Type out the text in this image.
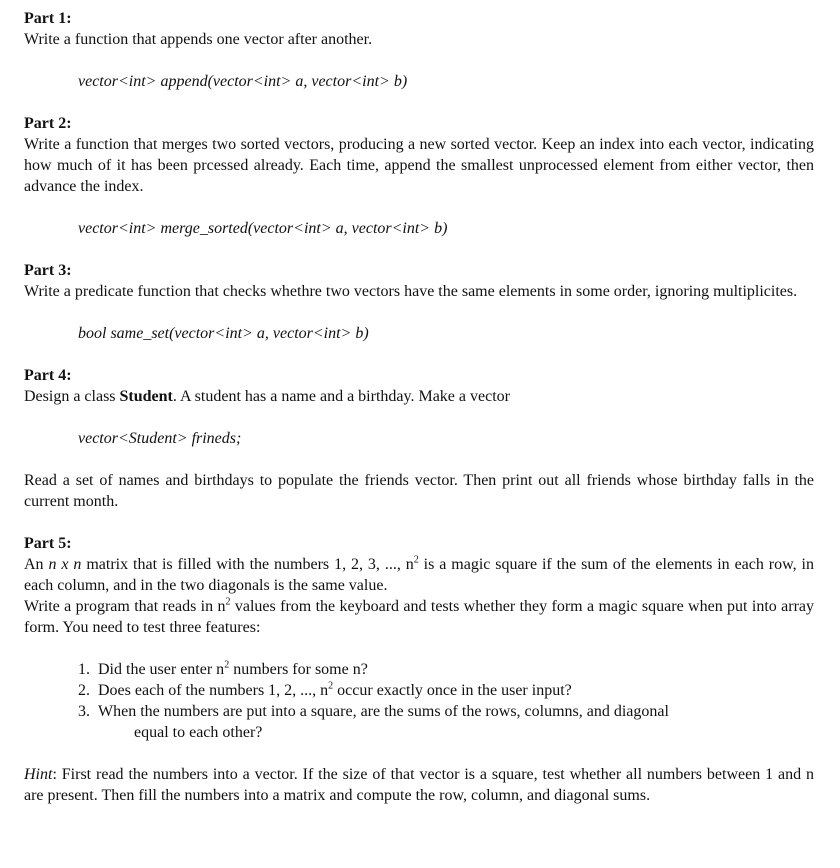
Part 1:

Write a function that appends one vector after another.

vector<int> append(vector<int> a, vector<int> b)

Part 2:

Write a function that merges two sorted vectors, producing a new sorted vector. Keep an index into each vector, indicating how much of it has been prcessed already. Each time, append the smallest unprocessed element from either vector, then advance the index.

vector<int> merge_sorted(vector<int> a, vector<int> b)

Part 3:

Write a predicate function that checks whethre two vectors have the same elements in some order, ignoring multiplicites.

bool same_set(vector<int> a, vector<int> b)

Part 4:

Design a class Student. A student has a name and a birthday. Make a vector

vector<Student> frineds;

Read a set of names and birthdays to populate the friends vector. Then print out all friends whose birthday falls in the current month.

Part 5:

An n x n matrix that is filled with the numbers 1, 2, 3, ..., $n^2$ is a magic square if the sum of the elements in each row, in each column, and in the two diagonals is the same value.

Write a program that reads in $n^2$ values from the keyboard and tests whether they form a magic square when put into array form. You need to test three features:

1. Did the user enter $n^2$ numbers for some n?
2. Does each of the numbers 1, 2, ..., $n^2$ occur exactly once in the user input?
3. When the numbers are put into a square, are the sums of the rows, columns, and diagonal
equal to each other?

Hint: First read the numbers into a vector. If the size of that vector is a square, test whether all numbers between 1 and n are present. Then fill the numbers into a matrix and compute the row, column, and diagonal sums.
